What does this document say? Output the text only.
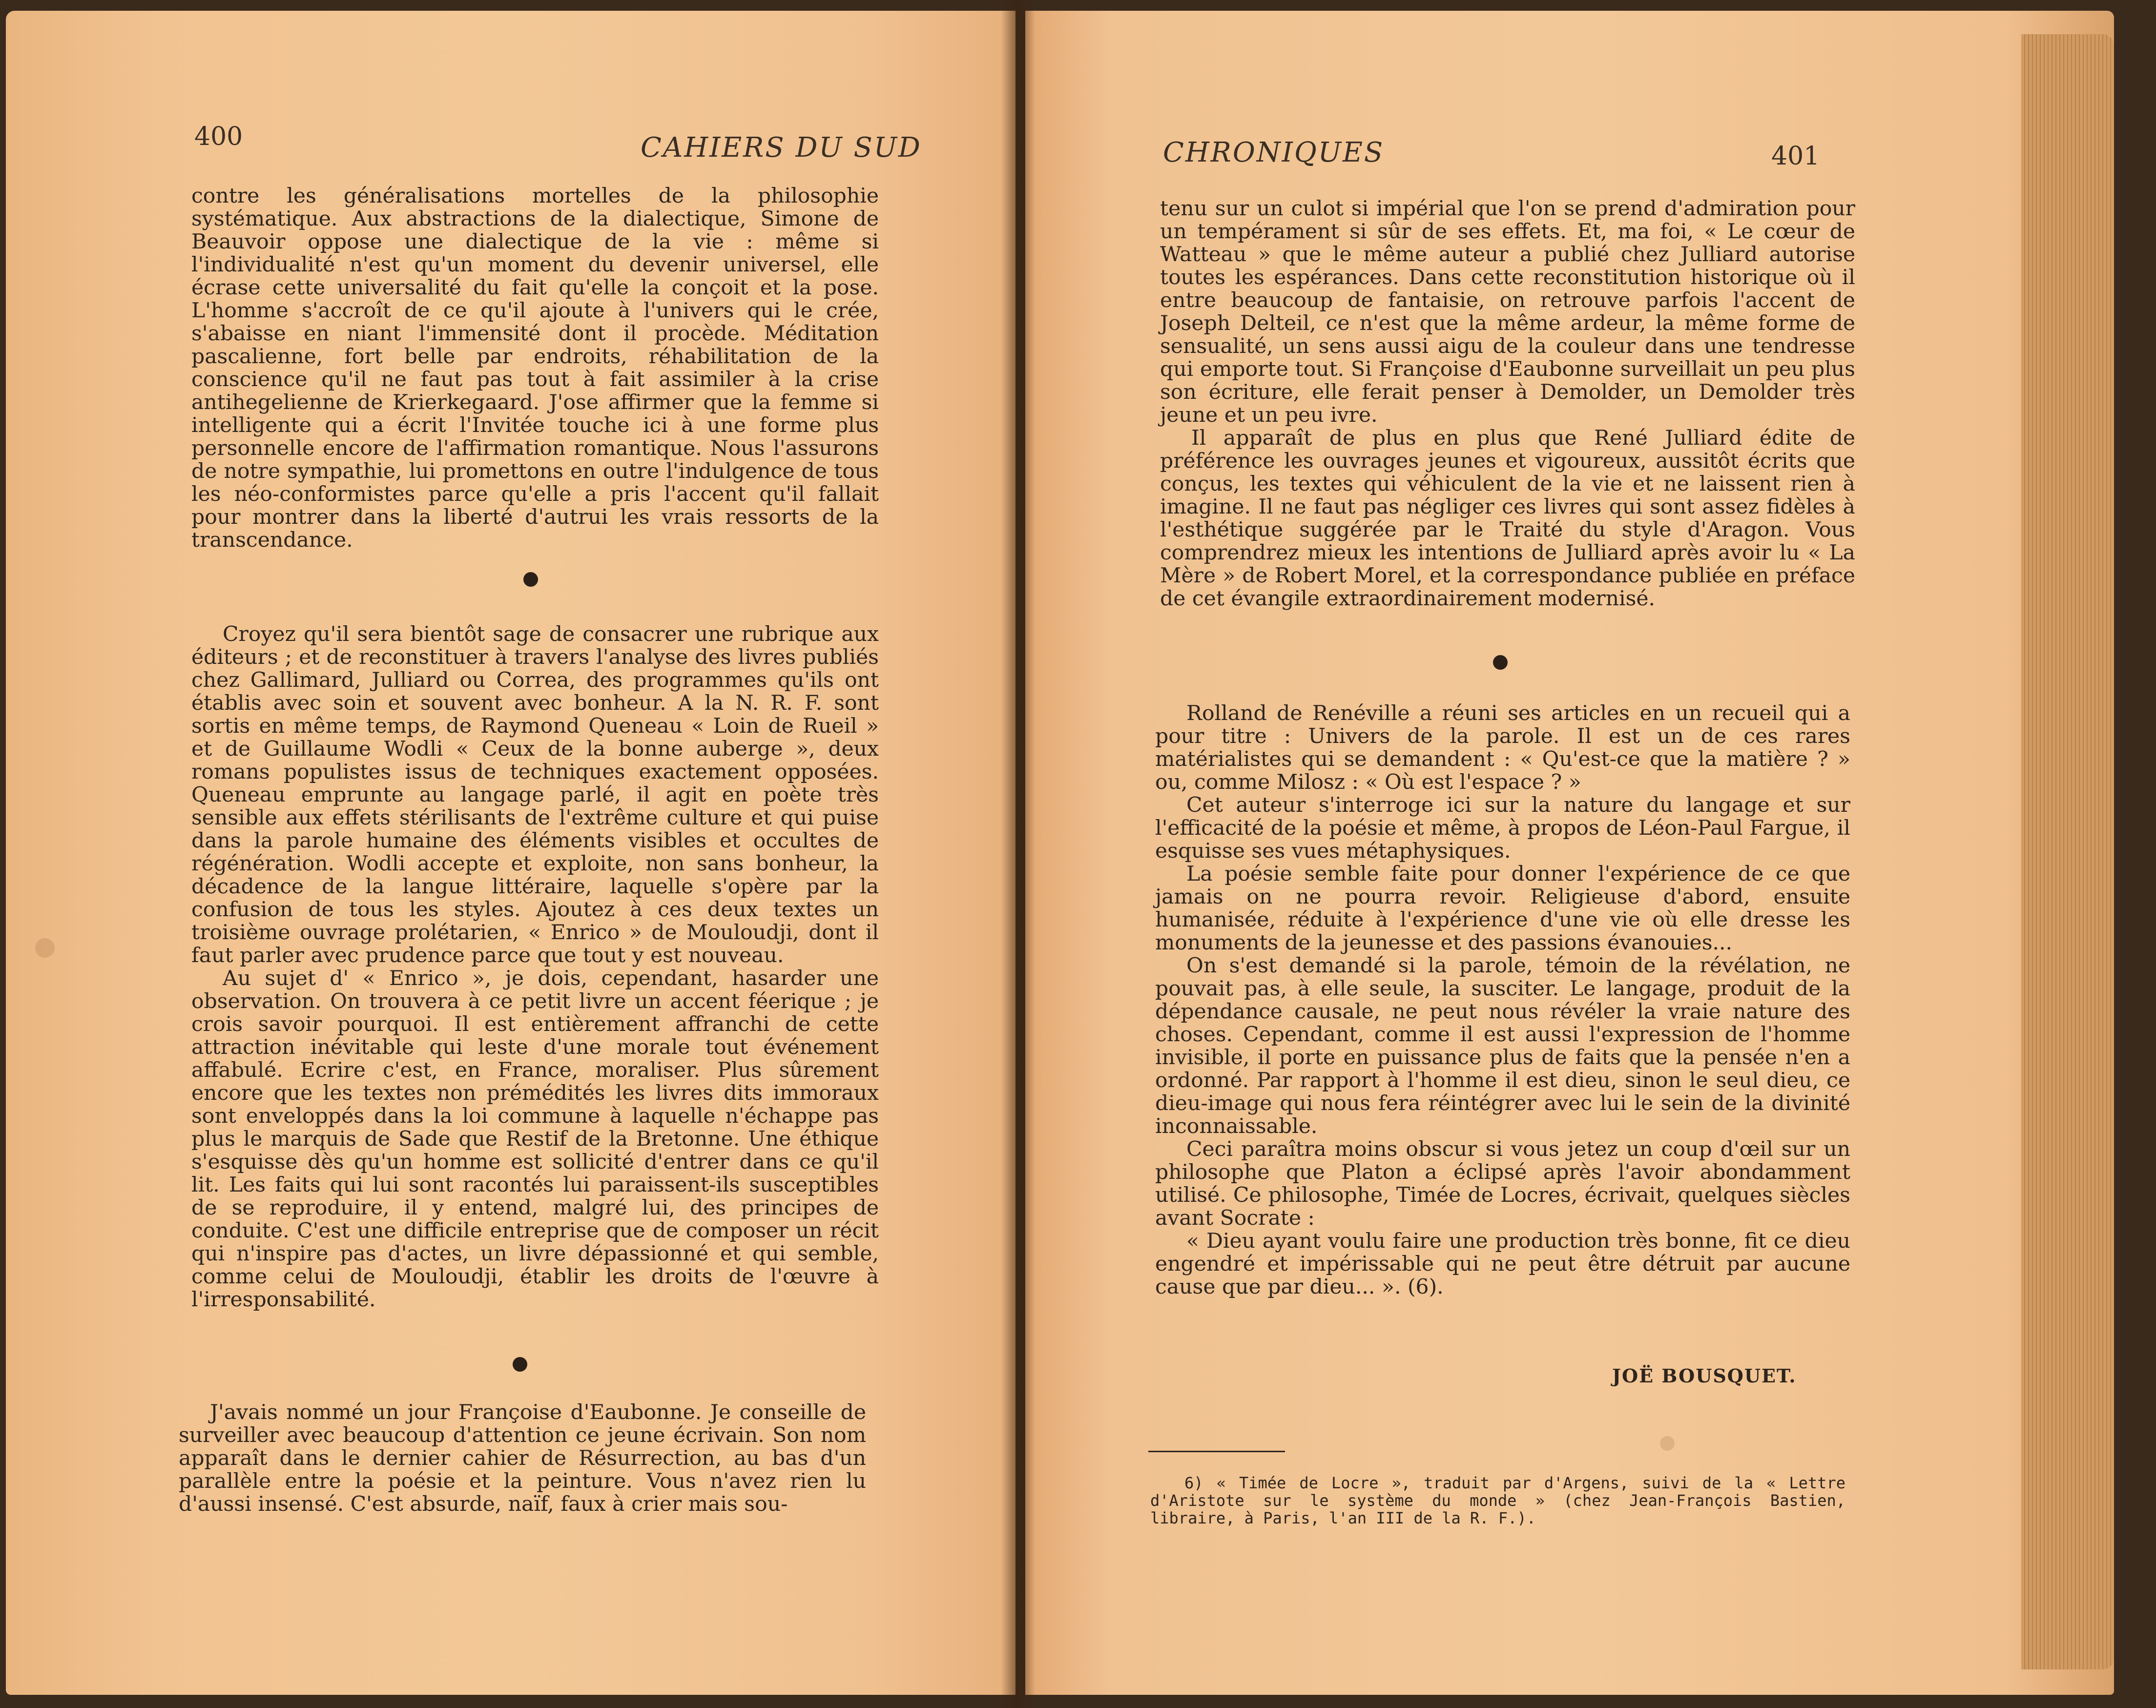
400	CAHIERS DU SUD

contre les généralisations mortelles de la philosophie systématique. Aux abstractions de la dialectique, Simone de Beauvoir oppose une dialectique de la vie : même si l'individualité n'est qu'un moment du devenir universel, elle écrase cette universalité du fait qu'elle la conçoit et la pose. L'homme s'accroît de ce qu'il ajoute à l'univers qui le crée, s'abaisse en niant l'immensité dont il procède. Méditation pascalienne, fort belle par endroits, réhabilitation de la conscience qu'il ne faut pas tout à fait assimiler à la crise antihegelienne de Krierkegaard. J'ose affirmer que la femme si intelligente qui a écrit l'Invitée touche ici à une forme plus personnelle encore de l'affirmation romantique. Nous l'assurons de notre sympathie, lui promettons en outre l'indulgence de tous les néo-conformistes parce qu'elle a pris l'accent qu'il fallait pour montrer dans la liberté d'autrui les vrais ressorts de la transcendance.

Croyez qu'il sera bientôt sage de consacrer une rubrique aux éditeurs ; et de reconstituer à travers l'analyse des livres publiés chez Gallimard, Julliard ou Correa, des programmes qu'ils ont établis avec soin et souvent avec bonheur. A la N. R. F. sont sortis en même temps, de Raymond Queneau « Loin de Rueil » et de Guillaume Wodli « Ceux de la bonne auberge », deux romans populistes issus de techniques exactement opposées. Queneau emprunte au langage parlé, il agit en poète très sensible aux effets stérilisants de l'extrême culture et qui puise dans la parole humaine des éléments visibles et occultes de régénération. Wodli accepte et exploite, non sans bonheur, la décadence de la langue littéraire, laquelle s'opère par la confusion de tous les styles. Ajoutez à ces deux textes un troisième ouvrage prolétarien, « Enrico » de Mouloudji, dont il faut parler avec prudence parce que tout y est nouveau.

Au sujet d' « Enrico », je dois, cependant, hasarder une observation. On trouvera à ce petit livre un accent féerique ; je crois savoir pourquoi. Il est entièrement affranchi de cette attraction inévitable qui leste d'une morale tout événement affabulé. Ecrire c'est, en France, moraliser. Plus sûrement encore que les textes non prémédités les livres dits immoraux sont enveloppés dans la loi commune à laquelle n'échappe pas plus le marquis de Sade que Restif de la Bretonne. Une éthique s'esquisse dès qu'un homme est sollicité d'entrer dans ce qu'il lit. Les faits qui lui sont racontés lui paraissent-ils susceptibles de se reproduire, il y entend, malgré lui, des principes de conduite. C'est une difficile entreprise que de composer un récit qui n'inspire pas d'actes, un livre dépassionné et qui semble, comme celui de Mouloudji, établir les droits de l'œuvre à l'irresponsabilité.

J'avais nommé un jour Françoise d'Eaubonne. Je conseille de surveiller avec beaucoup d'attention ce jeune écrivain. Son nom apparaît dans le dernier cahier de Résurrection, au bas d'un parallèle entre la poésie et la peinture. Vous n'avez rien lu d'aussi insensé. C'est absurde, naïf, faux à crier mais sou-

CHRONIQUES	401

tenu sur un culot si impérial que l'on se prend d'admiration pour un tempérament si sûr de ses effets. Et, ma foi, « Le cœur de Watteau » que le même auteur a publié chez Julliard autorise toutes les espérances. Dans cette reconstitution historique où il entre beaucoup de fantaisie, on retrouve parfois l'accent de Joseph Delteil, ce n'est que la même ardeur, la même forme de sensualité, un sens aussi aigu de la couleur dans une tendresse qui emporte tout. Si Françoise d'Eaubonne surveillait un peu plus son écriture, elle ferait penser à Demolder, un Demolder très jeune et un peu ivre.

Il apparaît de plus en plus que René Julliard édite de préférence les ouvrages jeunes et vigoureux, aussitôt écrits que conçus, les textes qui véhiculent de la vie et ne laissent rien à imagine. Il ne faut pas négliger ces livres qui sont assez fidèles à l'esthétique suggérée par le Traité du style d'Aragon. Vous comprendrez mieux les intentions de Julliard après avoir lu « La Mère » de Robert Morel, et la correspondance publiée en préface de cet évangile extraordinairement modernisé.

Rolland de Renéville a réuni ses articles en un recueil qui a pour titre : Univers de la parole. Il est un de ces rares matérialistes qui se demandent : « Qu'est-ce que la matière ? » ou, comme Milosz : « Où est l'espace ? »

Cet auteur s'interroge ici sur la nature du langage et sur l'efficacité de la poésie et même, à propos de Léon-Paul Fargue, il esquisse ses vues métaphysiques.

La poésie semble faite pour donner l'expérience de ce que jamais on ne pourra revoir. Religieuse d'abord, ensuite humanisée, réduite à l'expérience d'une vie où elle dresse les monuments de la jeunesse et des passions évanouies...

On s'est demandé si la parole, témoin de la révélation, ne pouvait pas, à elle seule, la susciter. Le langage, produit de la dépendance causale, ne peut nous révéler la vraie nature des choses. Cependant, comme il est aussi l'expression de l'homme invisible, il porte en puissance plus de faits que la pensée n'en a ordonné. Par rapport à l'homme il est dieu, sinon le seul dieu, ce dieu-image qui nous fera réintégrer avec lui le sein de la divinité inconnaissable.

Ceci paraîtra moins obscur si vous jetez un coup d'œil sur un philosophe que Platon a éclipsé après l'avoir abondamment utilisé. Ce philosophe, Timée de Locres, écrivait, quelques siècles avant Socrate :

« Dieu ayant voulu faire une production très bonne, fit ce dieu engendré et impérissable qui ne peut être détruit par aucune cause que par dieu... ». (6).

JOË BOUSQUET.
6) « Timée de Locre », traduit par d'Argens, suivi de la « Lettre d'Aristote sur le système du monde » (chez Jean-François Bastien, libraire, à Paris, l'an III de la R. F.).
